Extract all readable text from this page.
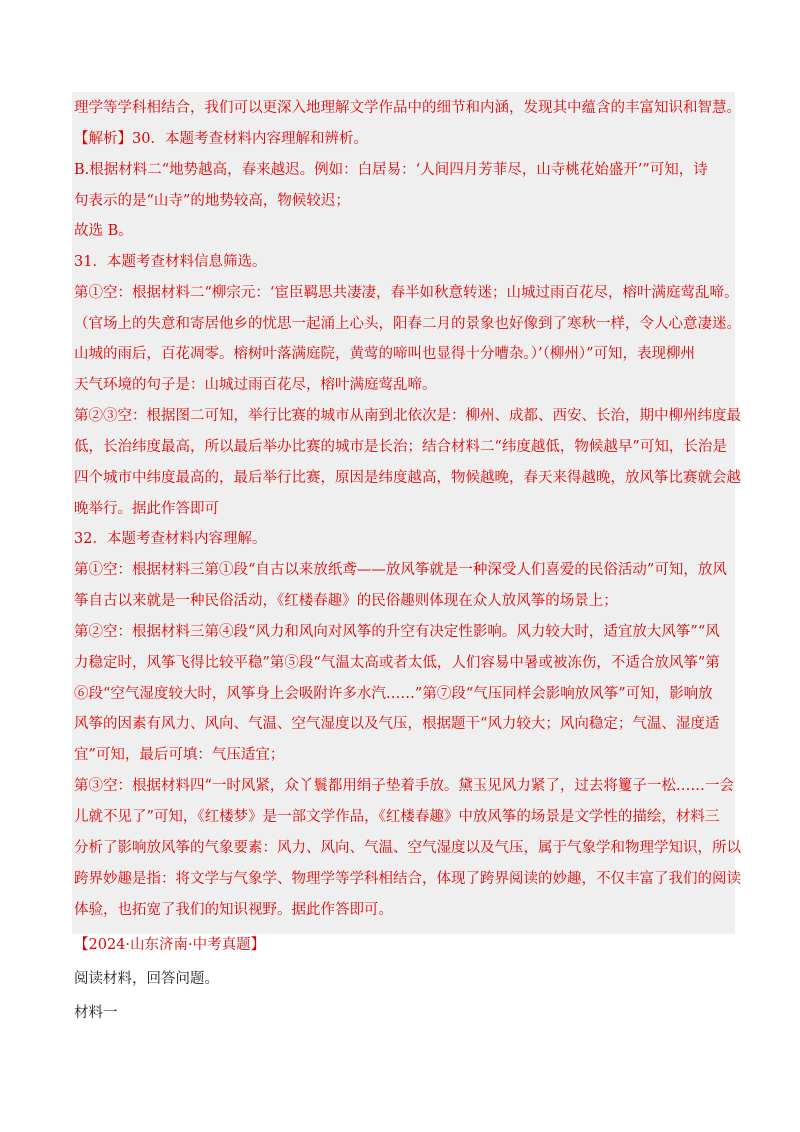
理学等学科相结合，我们可以更深入地理解文学作品中的细节和内涵，发现其中蕴含的丰富知识和智慧。
【解析】30．本题考查材料内容理解和辨析。
B.根据材料二“地势越高，春来越迟。例如：白居易：‘人间四月芳菲尽，山寺桃花始盛开’”可知，诗
句表示的是“山寺”的地势较高，物候较迟；
故选 B。
31．本题考查材料信息筛选。
第①空：根据材料二“柳宗元：‘宦臣羁思共凄凄，春半如秋意转迷；山城过雨百花尽，榕叶满庭莺乱啼。
（官场上的失意和寄居他乡的忧思一起涌上心头，阳春二月的景象也好像到了寒秋一样，令人心意凄迷。
山城的雨后，百花凋零。榕树叶落满庭院，黄莺的啼叫也显得十分嘈杂。）’（柳州）”可知，表现柳州
天气环境的句子是：山城过雨百花尽，榕叶满庭莺乱啼。
第②③空：根据图二可知，举行比赛的城市从南到北依次是：柳州、成都、西安、长治，期中柳州纬度最
低，长治纬度最高，所以最后举办比赛的城市是长治；结合材料二“纬度越低，物候越早”可知，长治是
四个城市中纬度最高的，最后举行比赛，原因是纬度越高，物候越晚，春天来得越晚，放风筝比赛就会越
晚举行。据此作答即可
32．本题考查材料内容理解。
第①空：根据材料三第①段“自古以来放纸鸢——放风筝就是一种深受人们喜爱的民俗活动”可知，放风
筝自古以来就是一种民俗活动，《红楼春趣》的民俗趣则体现在众人放风筝的场景上；
第②空：根据材料三第④段“风力和风向对风筝的升空有决定性影响。风力较大时，适宜放大风筝”“风
力稳定时，风筝飞得比较平稳”第⑤段“气温太高或者太低，人们容易中暑或被冻伤，不适合放风筝”第
⑥段“空气湿度较大时，风筝身上会吸附许多水汽……”第⑦段“气压同样会影响放风筝”可知，影响放
风筝的因素有风力、风向、气温、空气湿度以及气压，根据题干“风力较大；风向稳定；气温、湿度适
宜”可知，最后可填：气压适宜；
第③空：根据材料四“一时风紧，众丫鬟都用绢子垫着手放。黛玉见风力紧了，过去将籰子一松……一会
儿就不见了”可知，《红楼梦》是一部文学作品，《红楼春趣》中放风筝的场景是文学性的描绘，材料三
分析了影响放风筝的气象要素：风力、风向、气温、空气湿度以及气压，属于气象学和物理学知识，所以
跨界妙趣是指：将文学与气象学、物理学等学科相结合，体现了跨界阅读的妙趣，不仅丰富了我们的阅读
体验，也拓宽了我们的知识视野。据此作答即可。
【2024·山东济南·中考真题】
阅读材料，回答问题。
材料一
